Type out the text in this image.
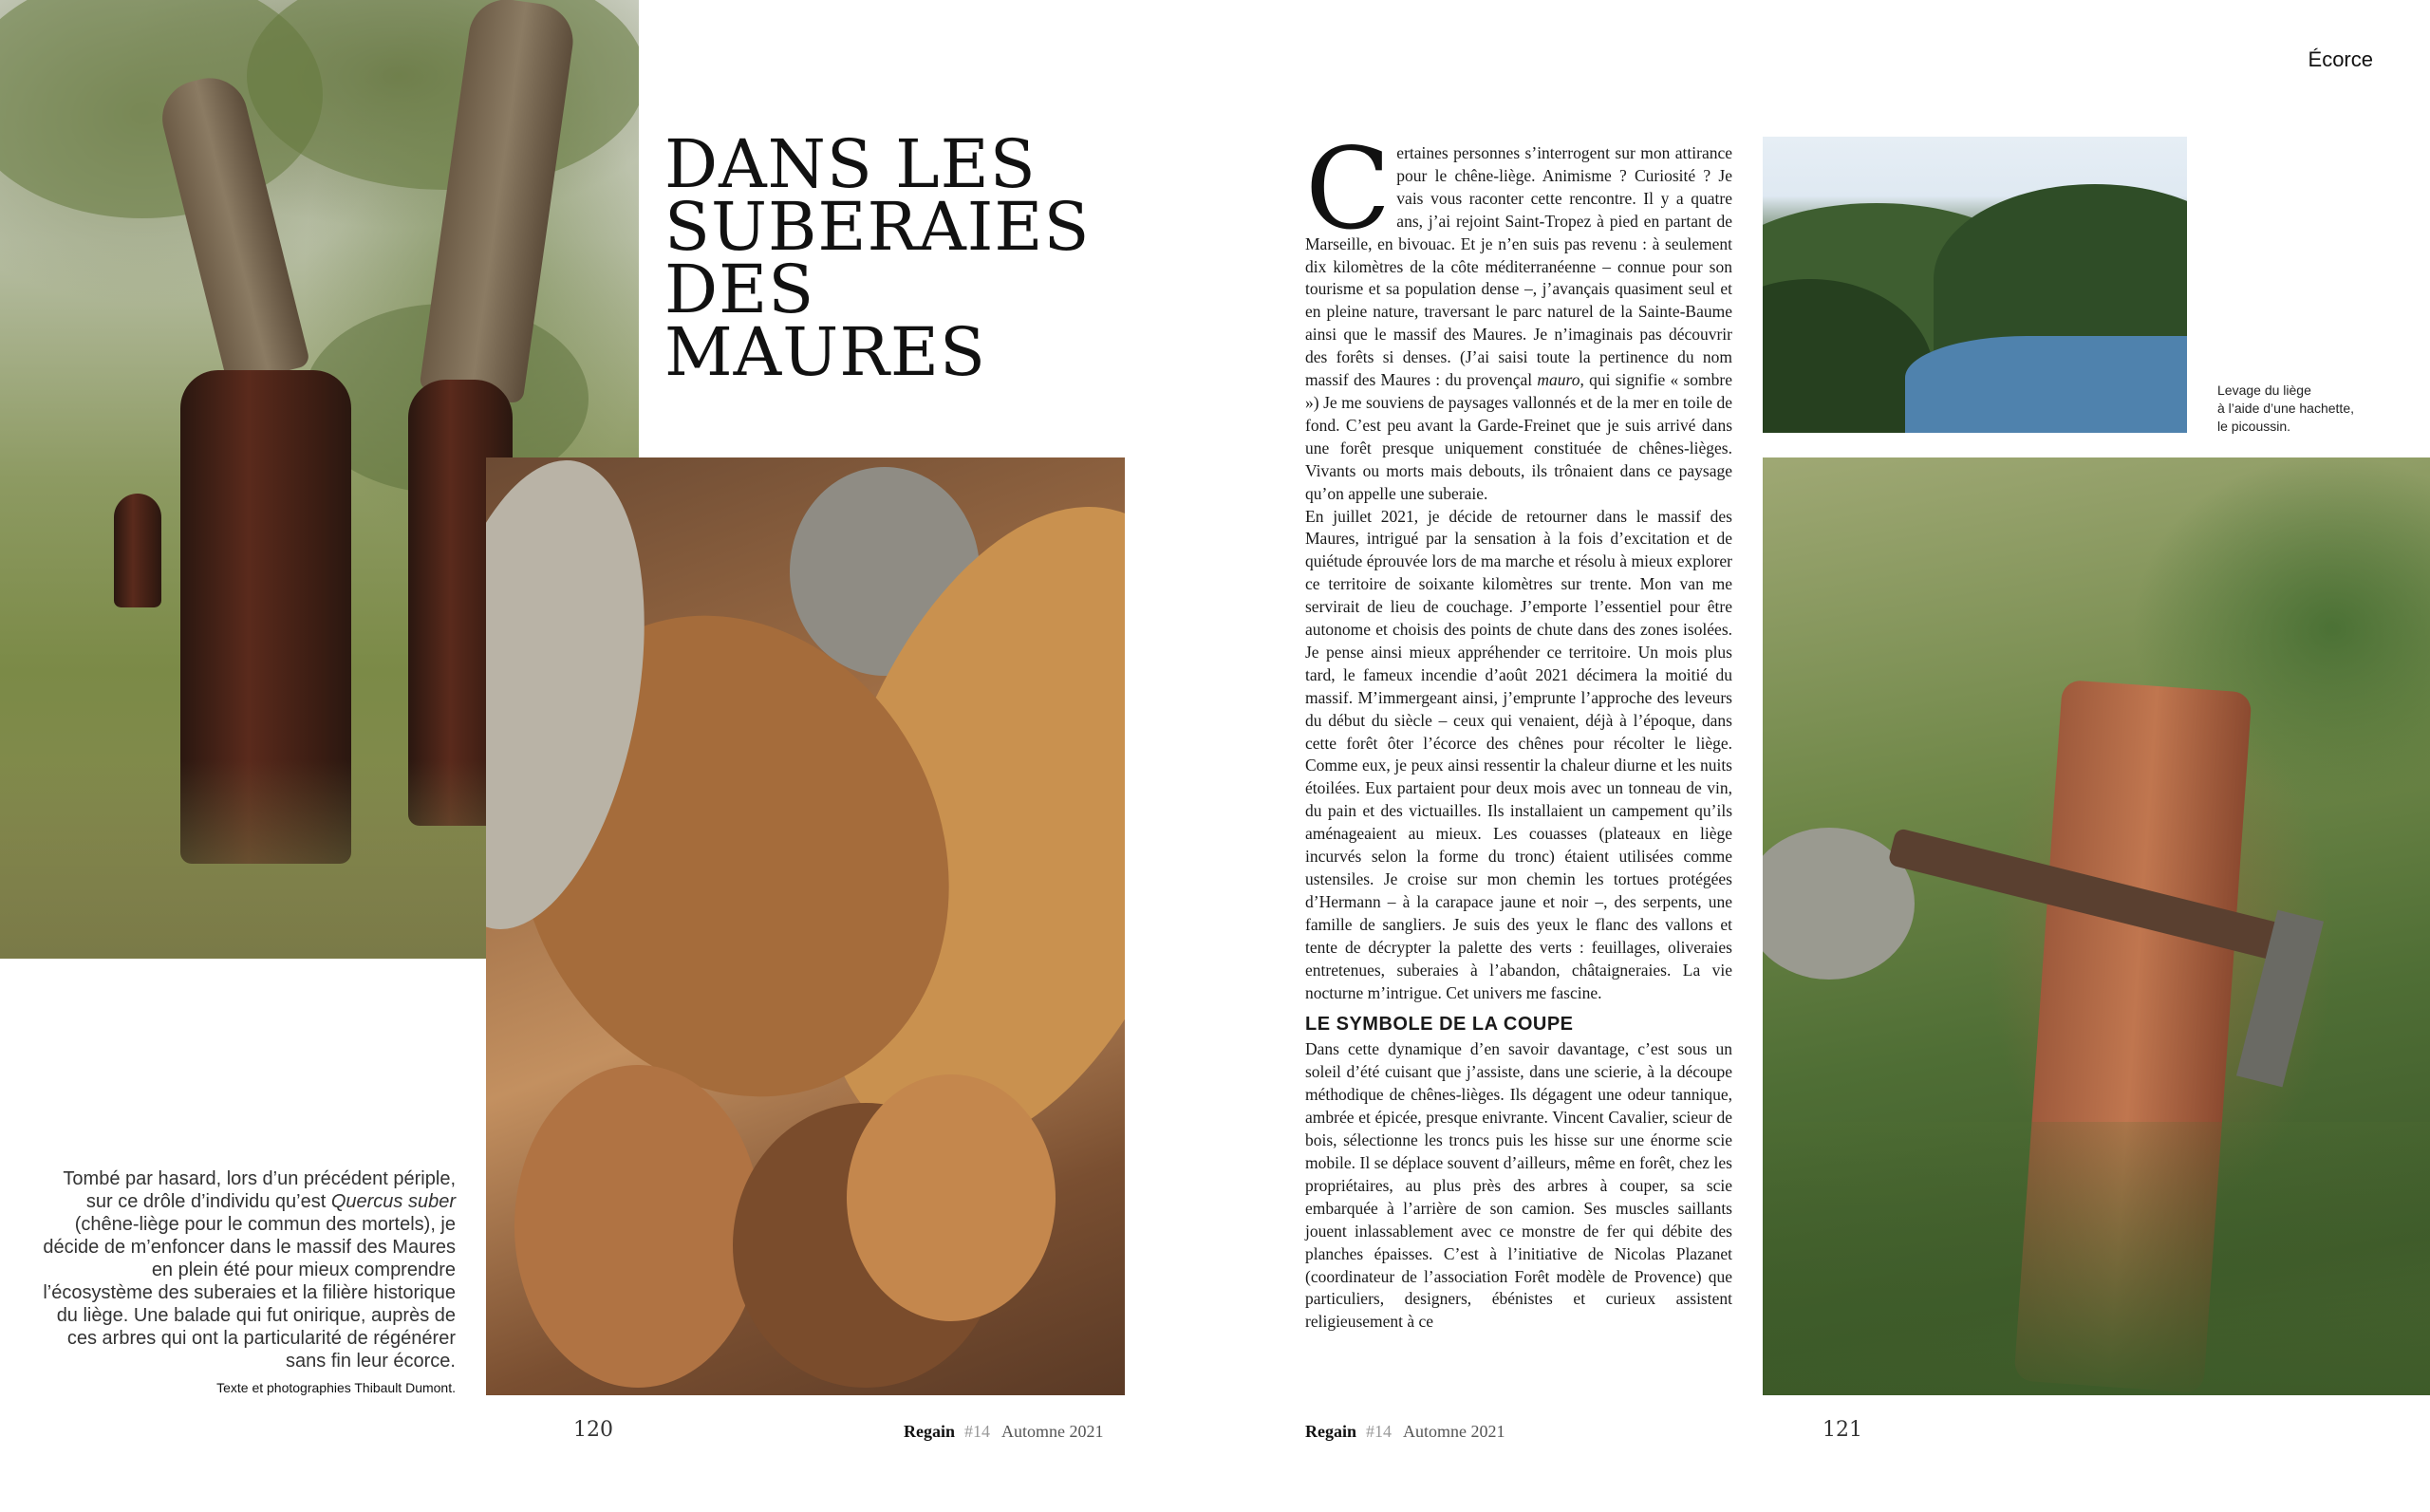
DANS LES
SUBERAIES
DES MAURES
Tombé par hasard, lors d’un précédent périple, sur ce drôle d’individu qu’est Quercus suber (chêne-liège pour le commun des mortels), je décide de m’enfoncer dans le massif des Maures en plein été pour mieux comprendre l’écosystème des suberaies et la filière historique du liège. Une balade qui fut onirique, auprès de ces arbres qui ont la particularité de régénérer sans fin leur écorce.
Texte et photographies Thibault Dumont.
120	Regain #14 Automne 2021
Écorce

Certaines personnes s’interrogent sur mon attirance pour le chêne-liège. Animisme ? Curiosité ? Je vais vous raconter cette rencontre. Il y a quatre ans, j’ai rejoint Saint-Tropez à pied en partant de Marseille, en bivouac. Et je n’en suis pas revenu : à seulement dix kilomètres de la côte méditerranéenne – connue pour son tourisme et sa population dense –, j’avançais quasiment seul et en pleine nature, traversant le parc naturel de la Sainte-Baume ainsi que le massif des Maures. Je n’imaginais pas découvrir des forêts si denses. (J’ai saisi toute la pertinence du nom massif des Maures : du provençal mauro, qui signifie « sombre ») Je me souviens de paysages vallonnés et de la mer en toile de fond. C’est peu avant la Garde-Freinet que je suis arrivé dans une forêt presque uniquement constituée de chênes-lièges. Vivants ou morts mais debouts, ils trônaient dans ce paysage qu’on appelle une suberaie.

En juillet 2021, je décide de retourner dans le massif des Maures, intrigué par la sensation à la fois d’excitation et de quiétude éprouvée lors de ma marche et résolu à mieux explorer ce territoire de soixante kilomètres sur trente. Mon van me servirait de lieu de couchage. J’emporte l’essentiel pour être autonome et choisis des points de chute dans des zones isolées. Je pense ainsi mieux appréhender ce territoire. Un mois plus tard, le fameux incendie d’août 2021 décimera la moitié du massif. M’immergeant ainsi, j’emprunte l’approche des leveurs du début du siècle – ceux qui venaient, déjà à l’époque, dans cette forêt ôter l’écorce des chênes pour récolter le liège. Comme eux, je peux ainsi ressentir la chaleur diurne et les nuits étoilées. Eux partaient pour deux mois avec un tonneau de vin, du pain et des victuailles. Ils installaient un campement qu’ils aménageaient au mieux. Les couasses (plateaux en liège incurvés selon la forme du tronc) étaient utilisées comme ustensiles. Je croise sur mon chemin les tortues protégées d’Hermann – à la carapace jaune et noir –, des serpents, une famille de sangliers. Je suis des yeux le flanc des vallons et tente de décrypter la palette des verts : feuillages, oliveraies entretenues, suberaies à l’abandon, châtaigneraies. La vie nocturne m’intrigue. Cet univers me fascine.

LE SYMBOLE DE LA COUPE

Dans cette dynamique d’en savoir davantage, c’est sous un soleil d’été cuisant que j’assiste, dans une scierie, à la découpe méthodique de chênes-lièges. Ils dégagent une odeur tannique, ambrée et épicée, presque enivrante. Vincent Cavalier, scieur de bois, sélectionne les troncs puis les hisse sur une énorme scie mobile. Il se déplace souvent d’ailleurs, même en forêt, chez les propriétaires, au plus près des arbres à couper, sa scie embarquée à l’arrière de son camion. Ses muscles saillants jouent inlassablement avec ce monstre de fer qui débite des planches épaisses. C’est à l’initiative de Nicolas Plazanet (coordinateur de l’association Forêt modèle de Provence) que particuliers, designers, ébénistes et curieux assistent religieusement à ce

Levage du liège
à l’aide d’une hachette,
le picoussin.
Regain #14 Automne 2021	121
